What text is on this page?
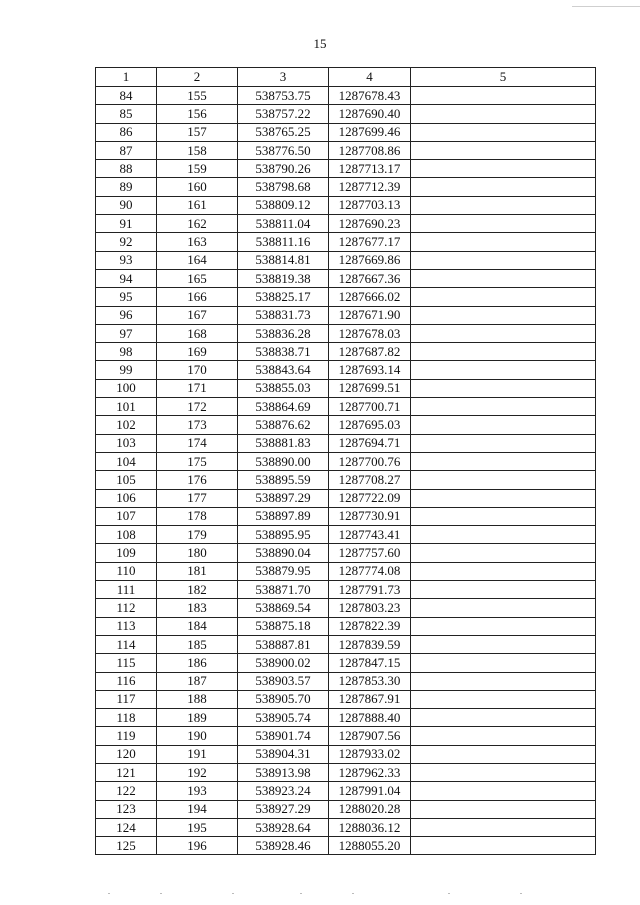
15
1	2	3	4	5
84	155	538753.75	1287678.43	
85	156	538757.22	1287690.40	
86	157	538765.25	1287699.46	
87	158	538776.50	1287708.86	
88	159	538790.26	1287713.17	
89	160	538798.68	1287712.39	
90	161	538809.12	1287703.13	
91	162	538811.04	1287690.23	
92	163	538811.16	1287677.17	
93	164	538814.81	1287669.86	
94	165	538819.38	1287667.36	
95	166	538825.17	1287666.02	
96	167	538831.73	1287671.90	
97	168	538836.28	1287678.03	
98	169	538838.71	1287687.82	
99	170	538843.64	1287693.14	
100	171	538855.03	1287699.51	
101	172	538864.69	1287700.71	
102	173	538876.62	1287695.03	
103	174	538881.83	1287694.71	
104	175	538890.00	1287700.76	
105	176	538895.59	1287708.27	
106	177	538897.29	1287722.09	
107	178	538897.89	1287730.91	
108	179	538895.95	1287743.41	
109	180	538890.04	1287757.60	
110	181	538879.95	1287774.08	
111	182	538871.70	1287791.73	
112	183	538869.54	1287803.23	
113	184	538875.18	1287822.39	
114	185	538887.81	1287839.59	
115	186	538900.02	1287847.15	
116	187	538903.57	1287853.30	
117	188	538905.70	1287867.91	
118	189	538905.74	1287888.40	
119	190	538901.74	1287907.56	
120	191	538904.31	1287933.02	
121	192	538913.98	1287962.33	
122	193	538923.24	1287991.04	
123	194	538927.29	1288020.28	
124	195	538928.64	1288036.12	
125	196	538928.46	1288055.20	
